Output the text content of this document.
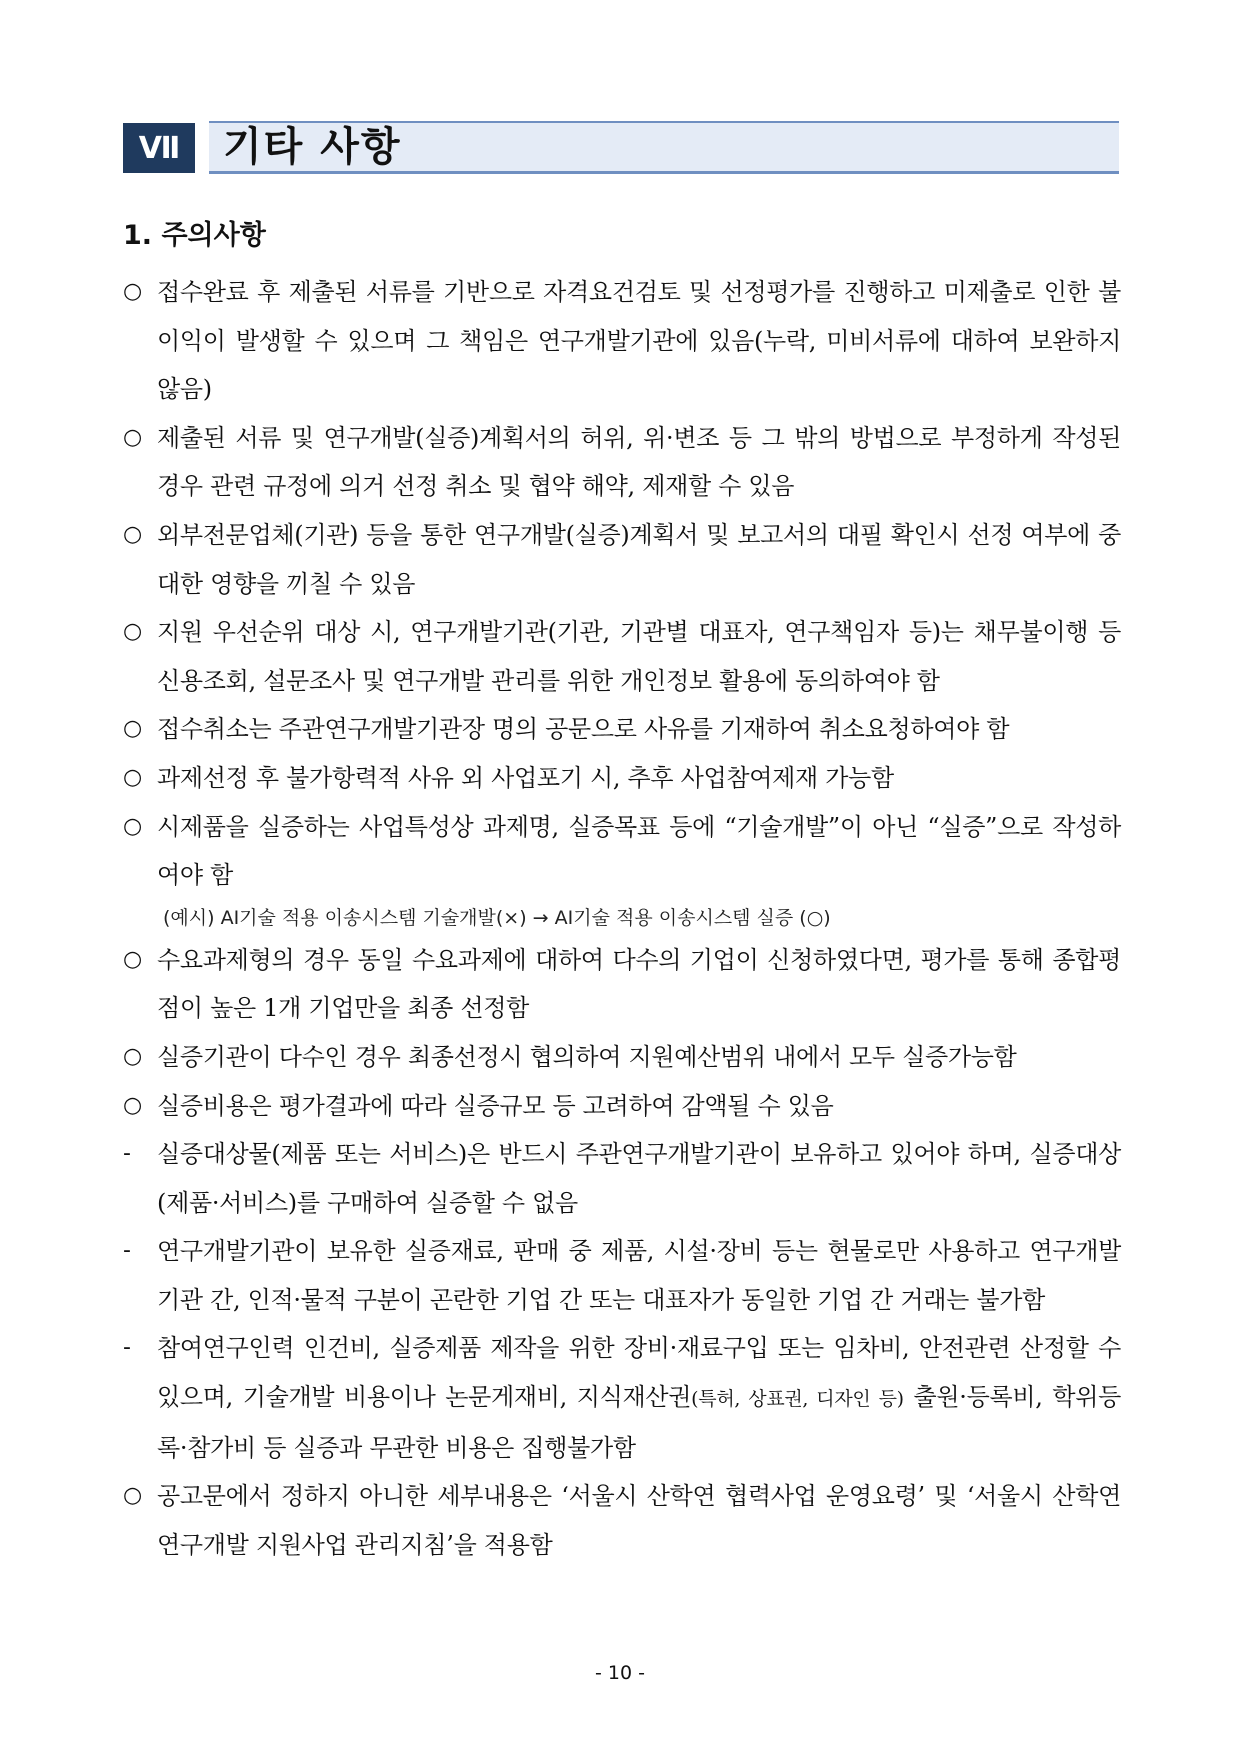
Ⅶ	기타 사항
1. 주의사항
○ 접수완료 후 제출된 서류를 기반으로 자격요건검토 및 선정평가를 진행하고 미제출로 인한 불이익이 발생할 수 있으며 그 책임은 연구개발기관에 있음(누락, 미비서류에 대하여 보완하지 않음)
○ 제출된 서류 및 연구개발(실증)계획서의 허위, 위·변조 등 그 밖의 방법으로 부정하게 작성된 경우 관련 규정에 의거 선정 취소 및 협약 해약, 제재할 수 있음
○ 외부전문업체(기관) 등을 통한 연구개발(실증)계획서 및 보고서의 대필 확인시 선정 여부에 중대한 영향을 끼칠 수 있음
○ 지원 우선순위 대상 시, 연구개발기관(기관, 기관별 대표자, 연구책임자 등)는 채무불이행 등 신용조회, 설문조사 및 연구개발 관리를 위한 개인정보 활용에 동의하여야 함
○ 접수취소는 주관연구개발기관장 명의 공문으로 사유를 기재하여 취소요청하여야 함
○ 과제선정 후 불가항력적 사유 외 사업포기 시, 추후 사업참여제재 가능함
○ 시제품을 실증하는 사업특성상 과제명, 실증목표 등에 “기술개발”이 아닌 “실증”으로 작성하여야 함
(예시) AI기술 적용 이송시스템 기술개발(×) → AI기술 적용 이송시스템 실증 (○)
○ 수요과제형의 경우 동일 수요과제에 대하여 다수의 기업이 신청하였다면, 평가를 통해 종합평점이 높은 1개 기업만을 최종 선정함
○ 실증기관이 다수인 경우 최종선정시 협의하여 지원예산범위 내에서 모두 실증가능함
○ 실증비용은 평가결과에 따라 실증규모 등 고려하여 감액될 수 있음
-	실증대상물(제품 또는 서비스)은 반드시 주관연구개발기관이 보유하고 있어야 하며, 실증대상(제품·서비스)를 구매하여 실증할 수 없음
-	연구개발기관이 보유한 실증재료, 판매 중 제품, 시설·장비 등는 현물로만 사용하고 연구개발기관 간, 인적·물적 구분이 곤란한 기업 간 또는 대표자가 동일한 기업 간 거래는 불가함
-	참여연구인력 인건비, 실증제품 제작을 위한 장비·재료구입 또는 임차비, 안전관련 산정할 수 있으며, 기술개발 비용이나 논문게재비, 지식재산권(특허, 상표권, 디자인 등) 출원·등록비, 학위등록·참가비 등 실증과 무관한 비용은 집행불가함
○ 공고문에서 정하지 아니한 세부내용은 ‘서울시 산학연 협력사업 운영요령’ 및 ‘서울시 산학연 연구개발 지원사업 관리지침’을 적용함
- 10 -
